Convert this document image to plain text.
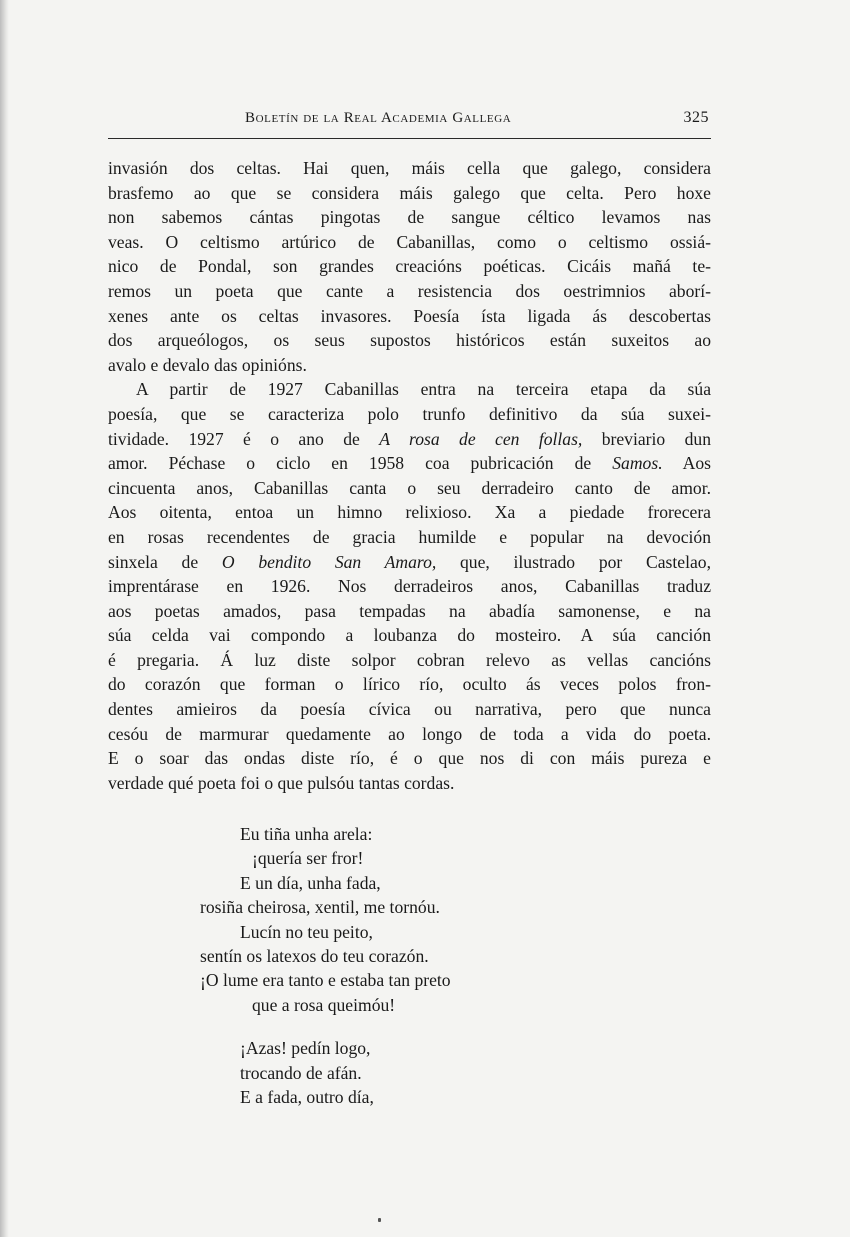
Boletín de la Real Academia Gallega	325
invasión dos celtas. Hai quen, máis cella que galego, considera
brasfemo ao que se considera máis galego que celta. Pero hoxe
non sabemos cántas pingotas de sangue céltico levamos nas
veas. O celtismo artúrico de Cabanillas, como o celtismo ossiá-
nico de Pondal, son grandes creacións poéticas. Cicáis mañá te-
remos un poeta que cante a resistencia dos oestrimnios aborí-
xenes ante os celtas invasores. Poesía ísta ligada ás descobertas
dos arqueólogos, os seus supostos históricos están suxeitos ao
avalo e devalo das opinións.
A partir de 1927 Cabanillas entra na terceira etapa da súa
poesía, que se caracteriza polo trunfo definitivo da súa suxei-
tividade. 1927 é o ano de A rosa de cen follas, breviario dun
amor. Péchase o ciclo en 1958 coa pubricación de Samos. Aos
cincuenta anos, Cabanillas canta o seu derradeiro canto de amor.
Aos oitenta, entoa un himno relixioso. Xa a piedade frorecera
en rosas recendentes de gracia humilde e popular na devoción
sinxela de O bendito San Amaro, que, ilustrado por Castelao,
imprentárase en 1926. Nos derradeiros anos, Cabanillas traduz
aos poetas amados, pasa tempadas na abadía samonense, e na
súa celda vai compondo a loubanza do mosteiro. A súa canción
é pregaria. Á luz diste solpor cobran relevo as vellas cancións
do corazón que forman o lírico río, oculto ás veces polos fron-
dentes amieiros da poesía cívica ou narrativa, pero que nunca
cesóu de marmurar quedamente ao longo de toda a vida do poeta.
E o soar das ondas diste río, é o que nos di con máis pureza e
verdade qué poeta foi o que pulsóu tantas cordas.
Eu tiña unha arela:
¡quería ser fror!
E un día, unha fada,
rosiña cheirosa, xentil, me tornóu.
Lucín no teu peito,
sentín os latexos do teu corazón.
¡O lume era tanto e estaba tan preto
que a rosa queimóu!
¡Azas! pedín logo,
trocando de afán.
E a fada, outro día,
